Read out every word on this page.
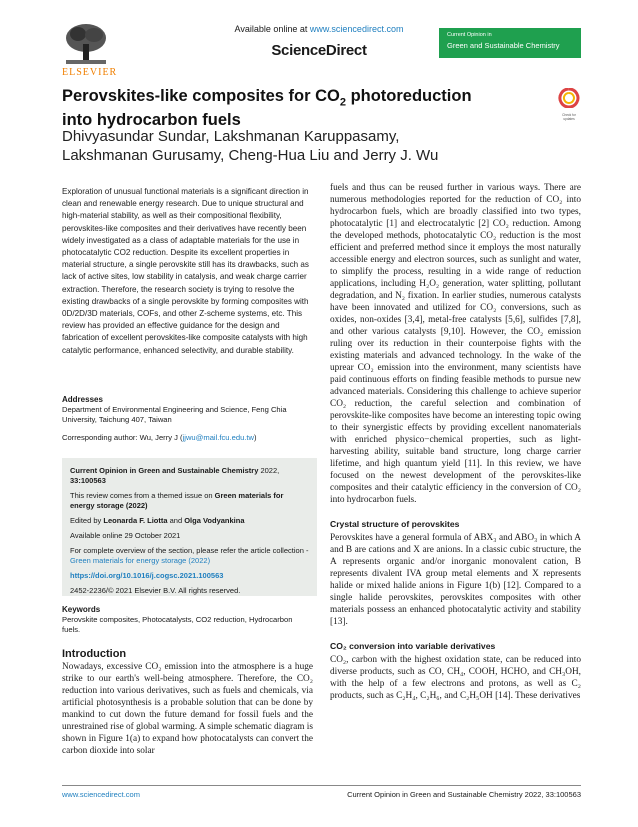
ELSEVIER
Available online at www.sciencedirect.com
ScienceDirect
Current Opinion in
Green and Sustainable Chemistry
Perovskites-like composites for $CO_2$ photoreduction
into hydrocarbon fuels	Check for updates
Dhivyasundar Sundar, Lakshmanan Karuppasamy,
Lakshmanan Gurusamy, Cheng-Hua Liu and Jerry J. Wu
Exploration of unusual functional materials is a significant direction in clean and renewable energy research. Due to unique structural and high-material stability, as well as their compositional flexibility, perovskites-like composites and their derivatives have recently been widely investigated as a class of adaptable materials for the use in photocatalytic CO2 reduction. Despite its excellent properties in material structure, a single perovskite still has its drawbacks, such as lack of active sites, low stability in catalysis, and weak charge carrier extraction. Therefore, the research society is trying to resolve the existing drawbacks of a single perovskite by forming composites with 0D/2D/3D materials, COFs, and other Z-scheme systems, etc. This review has provided an effective guidance for the design and fabrication of excellent perovskites-like composite catalysts with high catalytic performance, enhanced selectivity, and durable stability.
Addresses
Department of Environmental Engineering and Science, Feng Chia University, Taichung 407, Taiwan
Corresponding author: Wu, Jerry J (jjwu@mail.fcu.edu.tw)

Current Opinion in Green and Sustainable Chemistry 2022, 33:100563

This review comes from a themed issue on Green materials for energy storage (2022)

Edited by Leonarda F. Liotta and Olga Vodyankina

Available online 29 October 2021

For complete overview of the section, please refer the article collection - Green materials for energy storage (2022)

https://doi.org/10.1016/j.cogsc.2021.100563

2452-2236/© 2021 Elsevier B.V. All rights reserved.

Keywords
Perovskite composites, Photocatalysts, CO2 reduction, Hydrocarbon fuels.
Introduction
Nowadays, excessive CO₂ emission into the atmosphere is a huge strike to our earth's well-being atmosphere. Therefore, the CO₂ reduction into various derivatives, such as fuels and chemicals, via artificial photosynthesis is a probable solution that can be done by mankind to cut down the future demand for fossil fuels and the unrestrained rise of global warming. A simple schematic diagram is shown in Figure 1(a) to expand how photocatalysts can convert the carbon dioxide into solar

fuels and thus can be reused further in various ways. There are numerous methodologies reported for the reduction of CO₂ into hydrocarbon fuels, which are broadly classified into two types, photocatalytic [1] and electrocatalytic [2] CO₂ reduction. Among the developed methods, photocatalytic CO₂ reduction is the most efficient and preferred method since it employs the most naturally accessible energy and electron sources, such as sunlight and water, to simplify the process, resulting in a wide range of reduction applications, including H₂O₂ generation, water splitting, pollutant degradation, and N₂ fixation. In earlier studies, numerous catalysts have been innovated and utilized for CO₂ conversions, such as oxides, non-oxides [3,4], metal-free catalysts [5,6], sulfides [7,8], and other various catalysts [9,10]. However, the CO₂ emission ruling over its reduction in their counterpoise fights with the existing materials and advanced technology. In the wake of the uprear CO₂ emission into the environment, many scientists have paid continuous efforts on finding feasible methods to pursue new advanced materials. Considering this challenge to achieve superior CO₂ reduction, the careful selection and combination of perovskite-like composites have become an interesting topic owing to their synergistic effects by providing excellent nanomaterials with enriched physico−chemical properties, such as light-harvesting ability, suitable band structure, long charge carrier lifetime, and high quantum yield [11]. In this review, we have focused on the newest development of the perovskites-like composites and their catalytic efficiency in the conversion of CO₂ into hydrocarbon fuels.

Crystal structure of perovskites

Perovskites have a general formula of ABX₃ and ABO₃ in which A and B are cations and X are anions. In a classic cubic structure, the A represents organic and/or inorganic monovalent cation, B represents divalent IVA group metal elements and X represents halide or mixed halide anions in Figure 1(b) [12]. Compared to a single halide perovskites, perovskites composites with other materials possess an enhanced photocatalytic activity and stability [13].

CO₂ conversion into variable derivatives

CO₂, carbon with the highest oxidation state, can be reduced into diverse products, such as CO, CH₄, COOH, HCHO, and CH₃OH, with the help of a few electrons and protons, as well as C₂ products, such as C₂H₄, C₂H₆, and C₂H₅OH [14]. These derivatives

www.sciencedirect.com	Current Opinion in Green and Sustainable Chemistry 2022, 33:100563
